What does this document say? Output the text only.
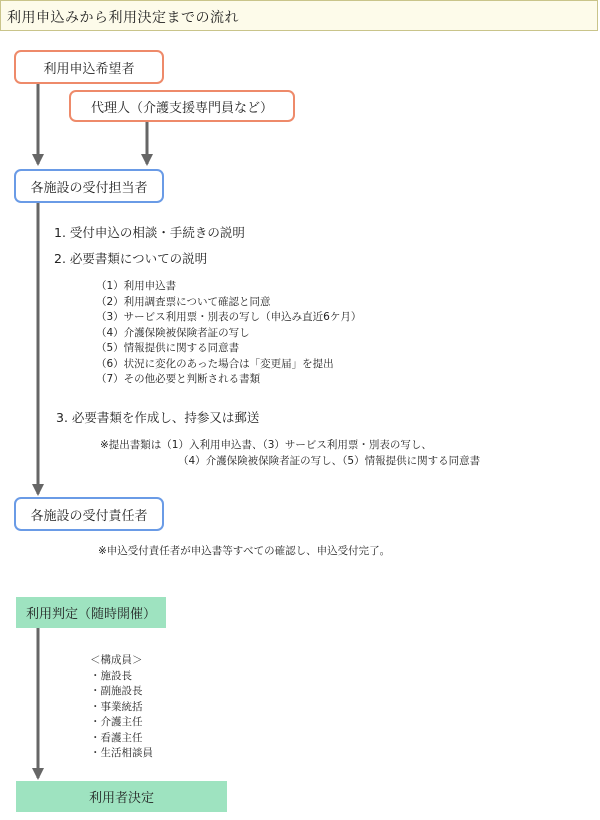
利用申込みから利用決定までの流れ
利用申込希望者
代理人（介護支援専門員など）
各施設の受付担当者
1. 受付申込の相談・手続きの説明
2. 必要書類についての説明
（1）利用申込書
（2）利用調査票について確認と同意
（3）サービス利用票・別表の写し（申込み直近6ケ月）
（4）介護保険被保険者証の写し
（5）情報提供に関する同意書
（6）状況に変化のあった場合は「変更届」を提出
（7）その他必要と判断される書類
3. 必要書類を作成し、持参又は郵送
※提出書類は（1）入利用申込書、（3）サービス利用票・別表の写し、
（4）介護保険被保険者証の写し、（5）情報提供に関する同意書
各施設の受付責任者
※申込受付責任者が申込書等すべての確認し、申込受付完了。
利用判定（随時開催）
＜構成員＞
・施設長
・副施設長
・事業統括
・介護主任
・看護主任
・生活相談員
利用者決定
